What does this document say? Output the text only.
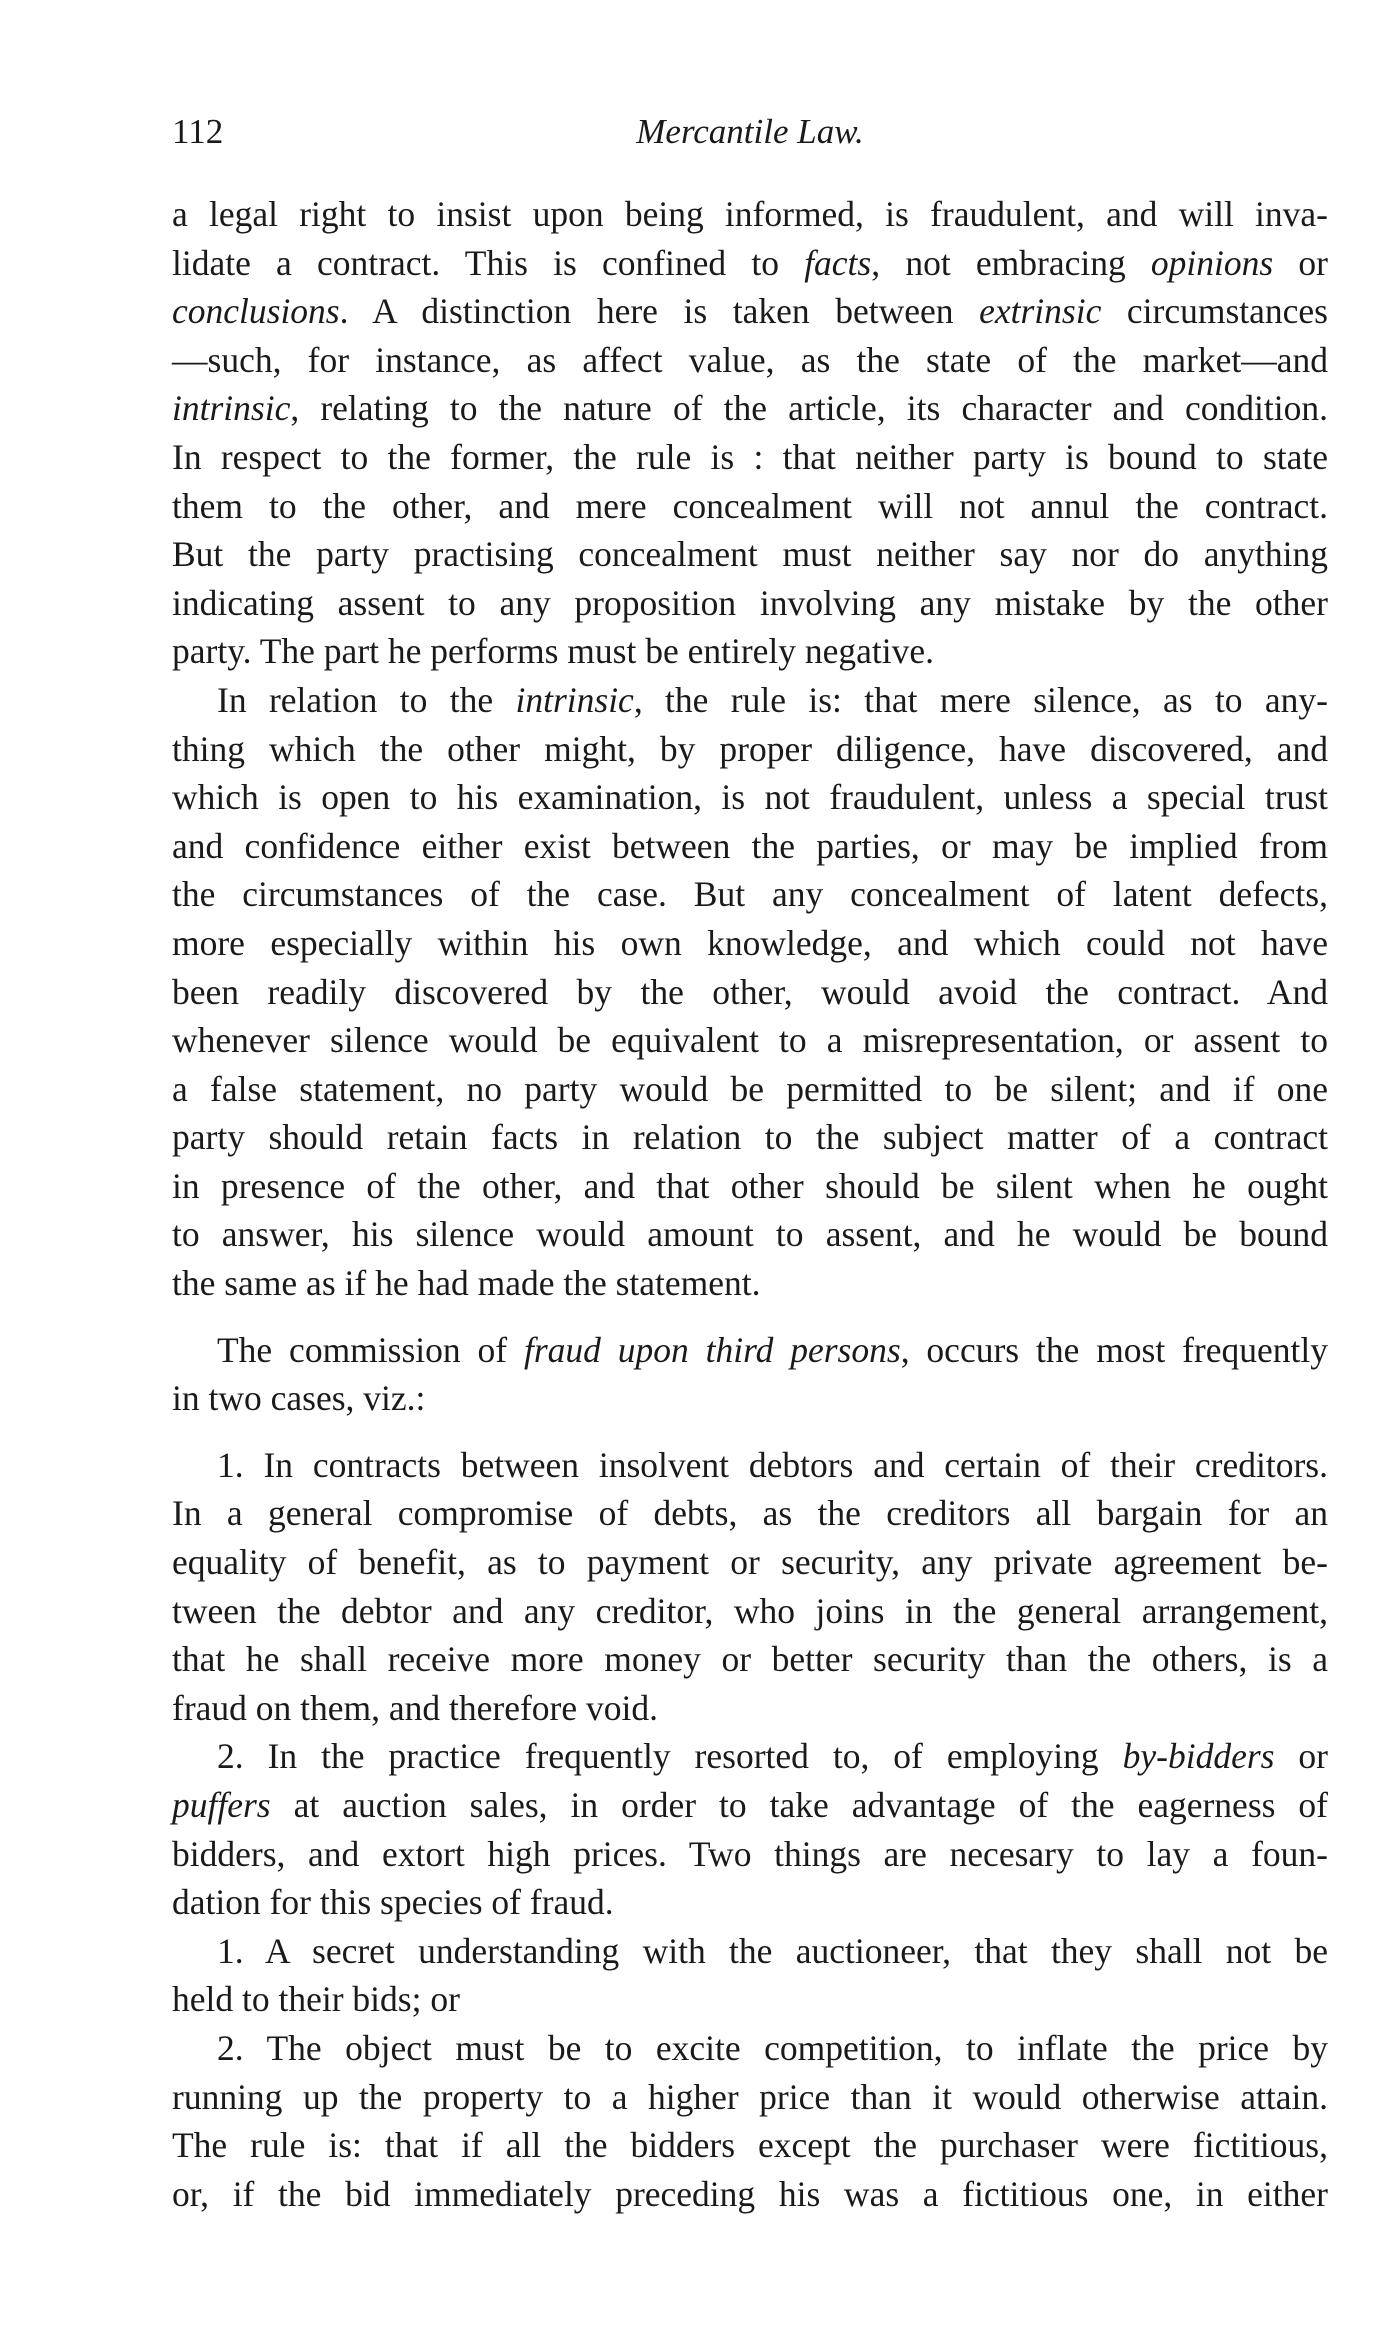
112	Mercantile Law.
a legal right to insist upon being informed, is fraudulent, and will inva-
lidate a contract. This is confined to facts, not embracing opinions or
conclusions. A distinction here is taken between extrinsic circumstances
—such, for instance, as affect value, as the state of the market—and
intrinsic, relating to the nature of the article, its character and condition.
In respect to the former, the rule is : that neither party is bound to state
them to the other, and mere concealment will not annul the contract.
But the party practising concealment must neither say nor do anything
indicating assent to any proposition involving any mistake by the other
party. The part he performs must be entirely negative.
In relation to the intrinsic, the rule is: that mere silence, as to any-
thing which the other might, by proper diligence, have discovered, and
which is open to his examination, is not fraudulent, unless a special trust
and confidence either exist between the parties, or may be implied from
the circumstances of the case. But any concealment of latent defects,
more especially within his own knowledge, and which could not have
been readily discovered by the other, would avoid the contract. And
whenever silence would be equivalent to a misrepresentation, or assent to
a false statement, no party would be permitted to be silent; and if one
party should retain facts in relation to the subject matter of a contract
in presence of the other, and that other should be silent when he ought
to answer, his silence would amount to assent, and he would be bound
the same as if he had made the statement.
The commission of fraud upon third persons, occurs the most frequently
in two cases, viz.:
1. In contracts between insolvent debtors and certain of their creditors.
In a general compromise of debts, as the creditors all bargain for an
equality of benefit, as to payment or security, any private agreement be-
tween the debtor and any creditor, who joins in the general arrangement,
that he shall receive more money or better security than the others, is a
fraud on them, and therefore void.
2. In the practice frequently resorted to, of employing by-bidders or
puffers at auction sales, in order to take advantage of the eagerness of
bidders, and extort high prices. Two things are necesary to lay a foun-
dation for this species of fraud.
1. A secret understanding with the auctioneer, that they shall not be
held to their bids; or
2. The object must be to excite competition, to inflate the price by
running up the property to a higher price than it would otherwise attain.
The rule is: that if all the bidders except the purchaser were fictitious,
or, if the bid immediately preceding his was a fictitious one, in either
